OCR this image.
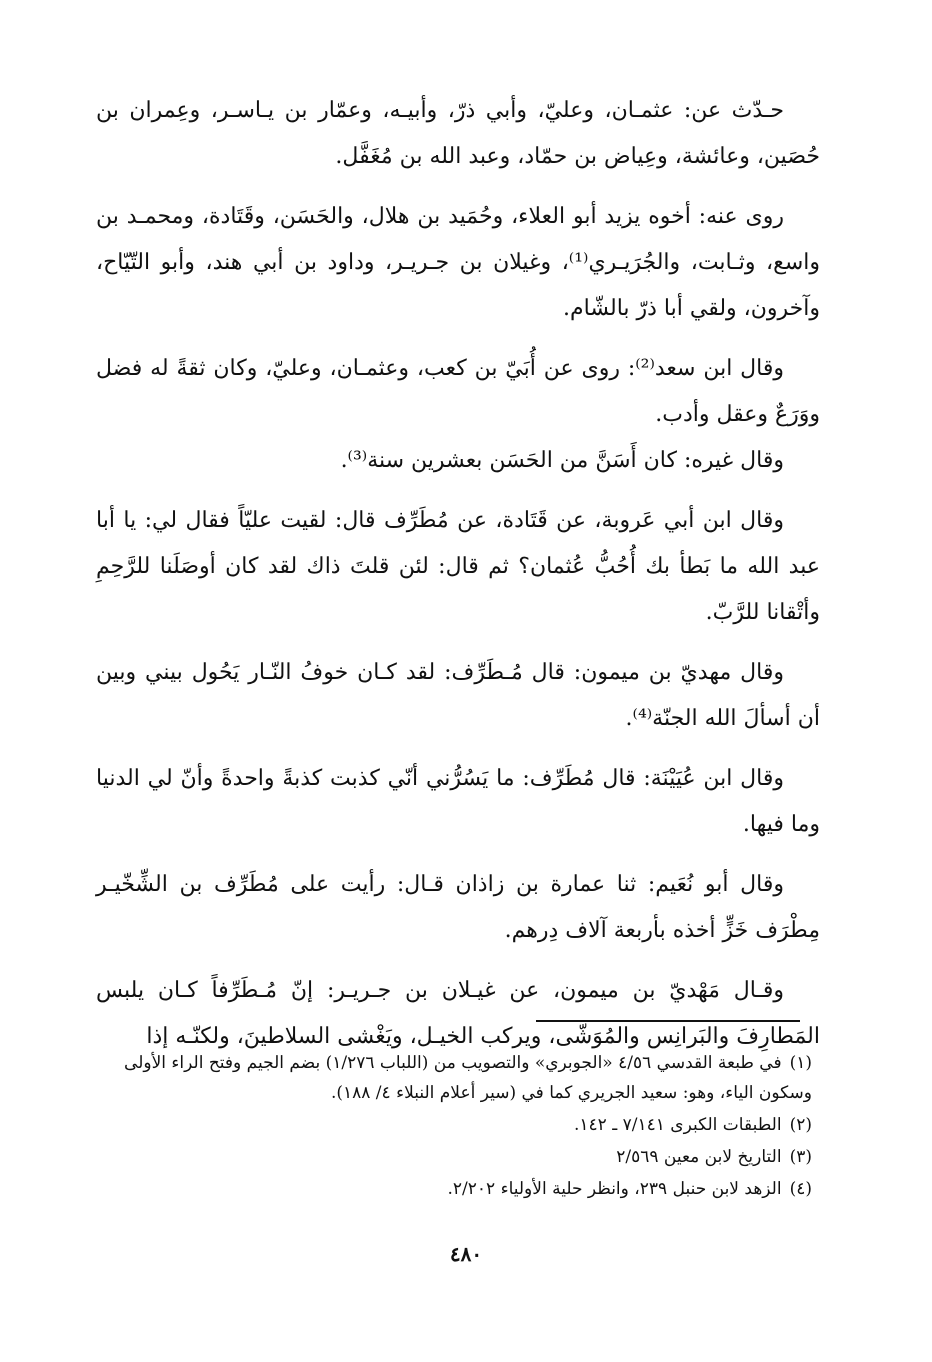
حـدّث عن: عثمـان، وعليّ، وأبي ذرّ، وأبيـه، وعمّار بن يـاسـر، وعِمران بن حُصَين، وعائشة، وعِياض بن حمّاد، وعبد الله بن مُغَفَّل.

روى عنه: أخوه يزيد أبو العلاء، وحُمَيد بن هلال، والحَسَن، وقَتَادة، ومحمـد بن واسع، وثـابت، والجُرَيـري⁽¹⁾، وغيلان بن جـريـر، وداود بن أبي هند، وأبو التّيّاح، وآخرون، ولقي أبا ذرّ بالشّام.

وقال ابن سعد⁽²⁾: روى عن أُبَيّ بن كعب، وعثمـان، وعليّ، وكان ثقةً له فضل ووَرَعٌ وعقل وأدب.

وقال غيره: كان أَسَنَّ من الحَسَن بعشرين سنة⁽³⁾.

وقال ابن أبي عَروبة، عن قَتَادة، عن مُطَرِّف قال: لقيت عليّاً فقال لي: يا أبا عبد الله ما بَطأ بك أُحُبُّ عُثمان؟ ثم قال: لئن قلتَ ذاك لقد كان أوصَلَنا للرَّحِمِ وأتْقانا للرَّبّ.

وقال مهديّ بن ميمون: قال مُـطَرِّف: لقد كـان خوفُ النّـار يَحُول بيني وبين أن أسألَ الله الجنّة⁽⁴⁾.

وقال ابن عُيَيْنَة: قال مُطَرِّف: ما يَسُرُّني أنّي كذبت كذبةً واحدةً وأنّ لي الدنيا وما فيها.

وقال أبو نُعَيم: ثنا عمارة بن زاذان قـال: رأيت على مُطَرِّف بن الشِّخّيـر مِطْرَف خَزٍّ أخذه بأربعة آلاف دِرهم.

وقـال مَهْديّ بن ميمون، عن غيـلان بن جـريـر: إنّ مُـطَرِّفاً كـان يلبس المَطارِفَ والبَرانِس والمُوَشّى، ويركب الخيـل، ويَغْشى السلاطينَ، ولكنّـه إذا

(١)في طبعة القدسي ٤/٥٦ «الجوبري» والتصويب من (اللباب ١/٢٧٦) بضم الجيم وفتح الراء الأولى وسكون الياء، وهو: سعيد الجريري كما في (سير أعلام النبلاء ٤/ ١٨٨).

(٢)الطبقات الكبرى ٧/١٤١ ـ ١٤٢.

(٣)التاريخ لابن معين ٢/٥٦٩

(٤)الزهد لابن حنبل ٢٣٩، وانظر حلية الأولياء ٢/٢٠٢.

٤٨٠
